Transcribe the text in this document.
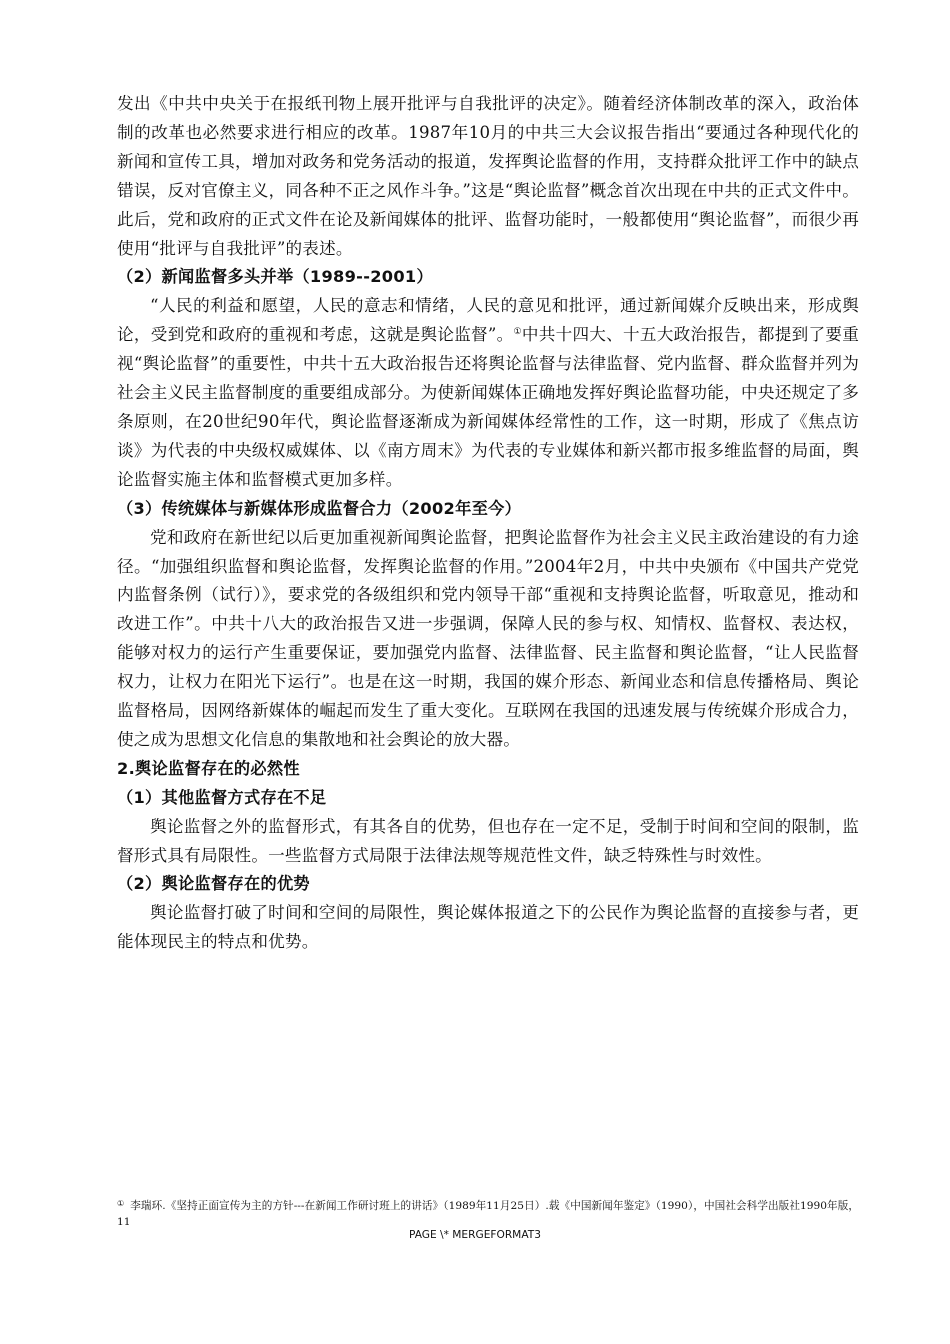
发出《中共中央关于在报纸刊物上展开批评与自我批评的决定》。随着经济体制改革的深入，政治体制的改革也必然要求进行相应的改革。1987年10月的中共三大会议报告指出“要通过各种现代化的新闻和宣传工具，增加对政务和党务活动的报道，发挥舆论监督的作用，支持群众批评工作中的缺点错误，反对官僚主义，同各种不正之风作斗争。”这是“舆论监督”概念首次出现在中共的正式文件中。此后，党和政府的正式文件在论及新闻媒体的批评、监督功能时，一般都使用“舆论监督”，而很少再使用“批评与自我批评”的表述。

（2）新闻监督多头并举（1989--2001）

“人民的利益和愿望，人民的意志和情绪，人民的意见和批评，通过新闻媒介反映出来，形成舆论，受到党和政府的重视和考虑，这就是舆论监督”。①中共十四大、十五大政治报告，都提到了要重视“舆论监督”的重要性，中共十五大政治报告还将舆论监督与法律监督、党内监督、群众监督并列为社会主义民主监督制度的重要组成部分。为使新闻媒体正确地发挥好舆论监督功能，中央还规定了多条原则，在20世纪90年代，舆论监督逐渐成为新闻媒体经常性的工作，这一时期，形成了《焦点访谈》为代表的中央级权威媒体、以《南方周末》为代表的专业媒体和新兴都市报多维监督的局面，舆论监督实施主体和监督模式更加多样。

（3）传统媒体与新媒体形成监督合力（2002年至今）

党和政府在新世纪以后更加重视新闻舆论监督，把舆论监督作为社会主义民主政治建设的有力途径。“加强组织监督和舆论监督，发挥舆论监督的作用。”2004年2月，中共中央颁布《中国共产党党内监督条例（试行）》，要求党的各级组织和党内领导干部“重视和支持舆论监督，听取意见，推动和改进工作”。中共十八大的政治报告又进一步强调，保障人民的参与权、知情权、监督权、表达权，能够对权力的运行产生重要保证，要加强党内监督、法律监督、民主监督和舆论监督，“让人民监督权力，让权力在阳光下运行”。也是在这一时期，我国的媒介形态、新闻业态和信息传播格局、舆论监督格局，因网络新媒体的崛起而发生了重大变化。互联网在我国的迅速发展与传统媒介形成合力，使之成为思想文化信息的集散地和社会舆论的放大器。

2.舆论监督存在的必然性

（1）其他监督方式存在不足

舆论监督之外的监督形式，有其各自的优势，但也存在一定不足，受制于时间和空间的限制，监督形式具有局限性。一些监督方式局限于法律法规等规范性文件，缺乏特殊性与时效性。

（2）舆论监督存在的优势

舆论监督打破了时间和空间的局限性，舆论媒体报道之下的公民作为舆论监督的直接参与者，更能体现民主的特点和优势。

① 李瑞环.《坚持正面宣传为主的方针---在新闻工作研讨班上的讲话》（1989年11月25日）.载《中国新闻年鉴定》（1990），中国社会科学出版社1990年版，11
PAGE \* MERGEFORMAT3
